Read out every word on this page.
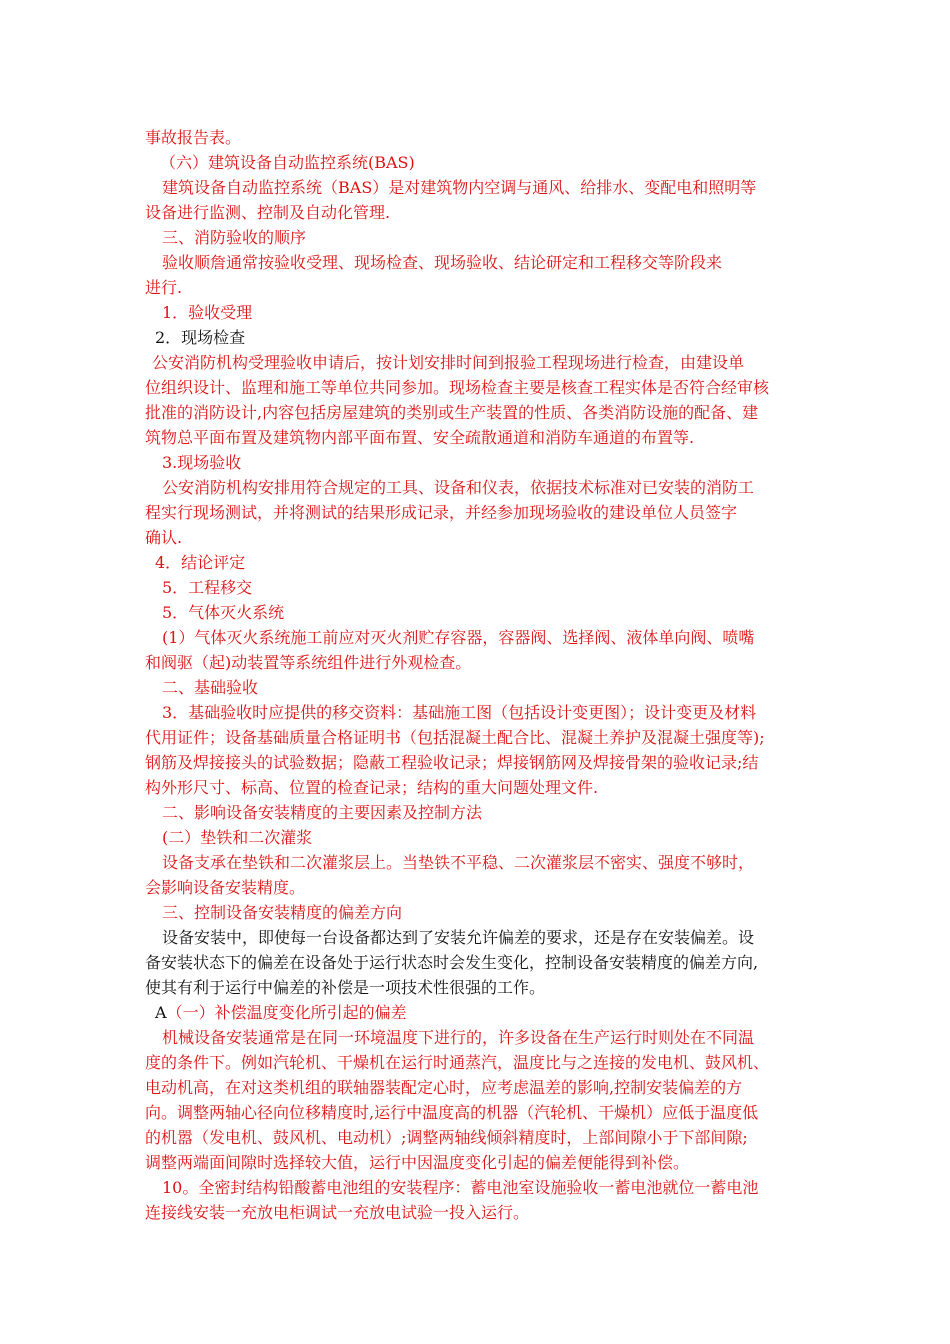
事故报告表。
（六）建筑设备自动监控系统(BAS)
建筑设备自动监控系统（BAS）是对建筑物内空调与通风、给排水、变配电和照明等
设备进行监测、控制及自动化管理.
三、消防验收的顺序
验收顺詹通常按验收受理、现场检查、现场验收、结论研定和工程移交等阶段来
进行.
1．验收受理
2．现场检查
公安消防机构受理验收申请后，按计划安排时间到报验工程现场进行检查，由建设单
位组织设计、监理和施工等单位共同参加。现场检查主要是核查工程实体是否符合经审核
批准的消防设计,内容包括房屋建筑的类别或生产装置的性质、各类消防设施的配备、建
筑物总平面布置及建筑物内部平面布置、安全疏散通道和消防车通道的布置等.
3.现场验收
公安消防机构安排用符合规定的工具、设备和仪表，依据技术标准对已安装的消防工
程实行现场测试，并将测试的结果形成记录，并经参加现场验收的建设单位人员签字
确认.
4．结论评定
5．工程移交
5．气体灭火系统
(1）气体灭火系统施工前应对灭火剂贮存容器，容器阀、选择阀、液体单向阀、喷嘴
和阀驱（起)动装置等系统组件进行外观检查。
二、基础验收
3．基础验收时应提供的移交资料：基础施工图（包括设计变更图）；设计变更及材料
代用证件；设备基础质量合格证明书（包括混凝土配合比、混凝土养护及混凝土强度等);
钢筋及焊接接头的试验数据；隐蔽工程验收记录；焊接钢筋网及焊接骨架的验收记录;结
构外形尺寸、标高、位置的检查记录；结构的重大问题处理文件.
二、影响设备安装精度的主要因素及控制方法
(二）垫铁和二次灌浆
设备支承在垫铁和二次灌浆层上。当垫铁不平稳、二次灌浆层不密实、强度不够时，
会影响设备安装精度。
三、控制设备安装精度的偏差方向
设备安装中，即使每一台设备都达到了安装允许偏差的要求，还是存在安装偏差。设
备安装状态下的偏差在设备处于运行状态时会发生变化，控制设备安装精度的偏差方向,
使其有利于运行中偏差的补偿是一项技术性很强的工作。
A（一）补偿温度变化所引起的偏差
机械设备安装通常是在同一环境温度下进行的，许多设备在生产运行时则处在不同温
度的条件下。例如汽轮机、干燥机在运行时通蒸汽，温度比与之连接的发电机、鼓风机、
电动机高，在对这类机组的联轴器装配定心时，应考虑温差的影响,控制安装偏差的方
向。调整两轴心径向位移精度时,运行中温度高的机器（汽轮机、干燥机）应低于温度低
的机嚣（发电机、鼓风机、电动机）;调整两轴线倾斜精度时，上部间隙小于下部间隙;
调整两端面间隙时选择较大值，运行中因温度变化引起的偏差便能得到补偿。
10。全密封结构铅酸蓄电池组的安装程序：蓄电池室设施验收一蓄电池就位一蓄电池
连接线安装一充放电柜调试一充放电试验一投入运行。
